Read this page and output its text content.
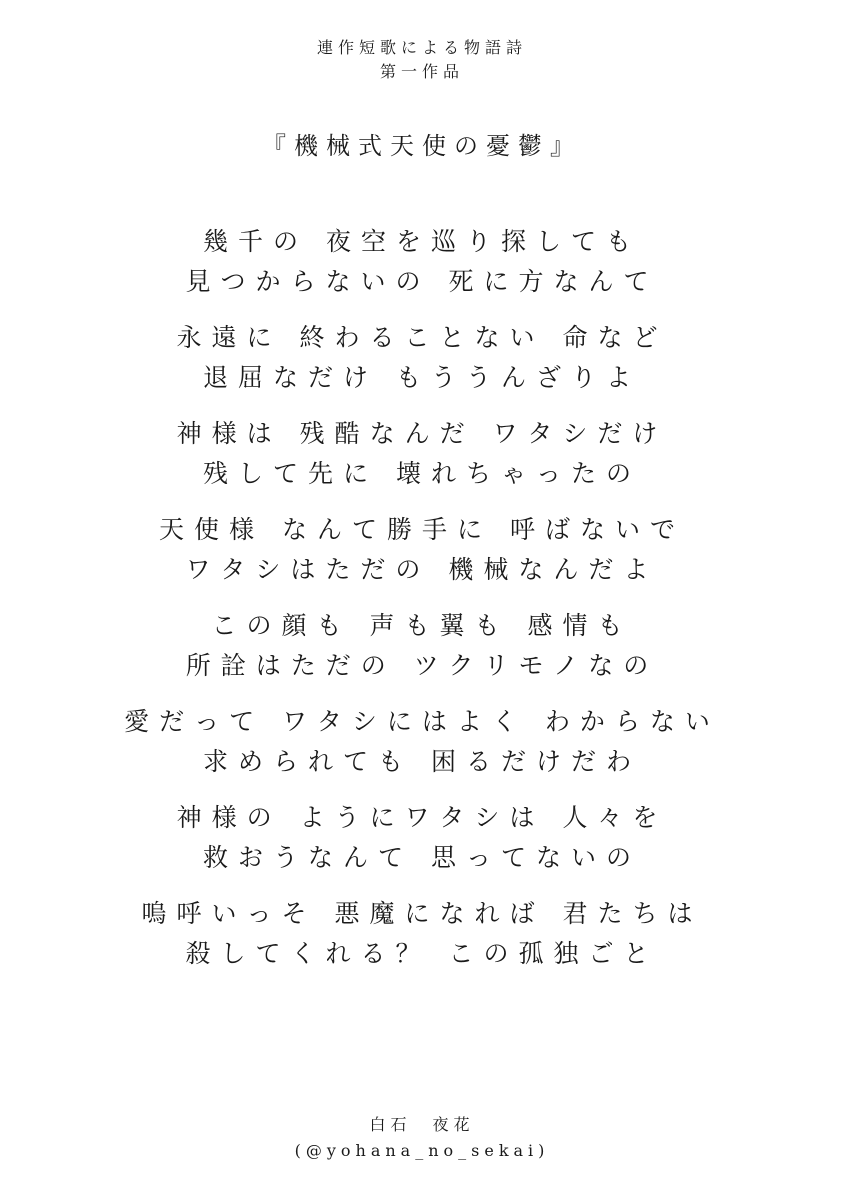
連作短歌による物語詩
第一作品
『機械式天使の憂鬱』
幾千の 夜空を巡り探しても
見つからないの 死に方なんて
永遠に 終わることない 命など
退屈なだけ もううんざりよ
神様は 残酷なんだ ワタシだけ
残して先に 壊れちゃったの
天使様 なんて勝手に 呼ばないで
ワタシはただの 機械なんだよ
この顔も 声も翼も 感情も
所詮はただの ツクリモノなの
愛だって ワタシにはよく わからない
求められても 困るだけだわ
神様の ようにワタシは 人々を
救おうなんて 思ってないの
嗚呼いっそ 悪魔になれば 君たちは
殺してくれる？ この孤独ごと
白石　夜花
(@yohana_no_sekai)
